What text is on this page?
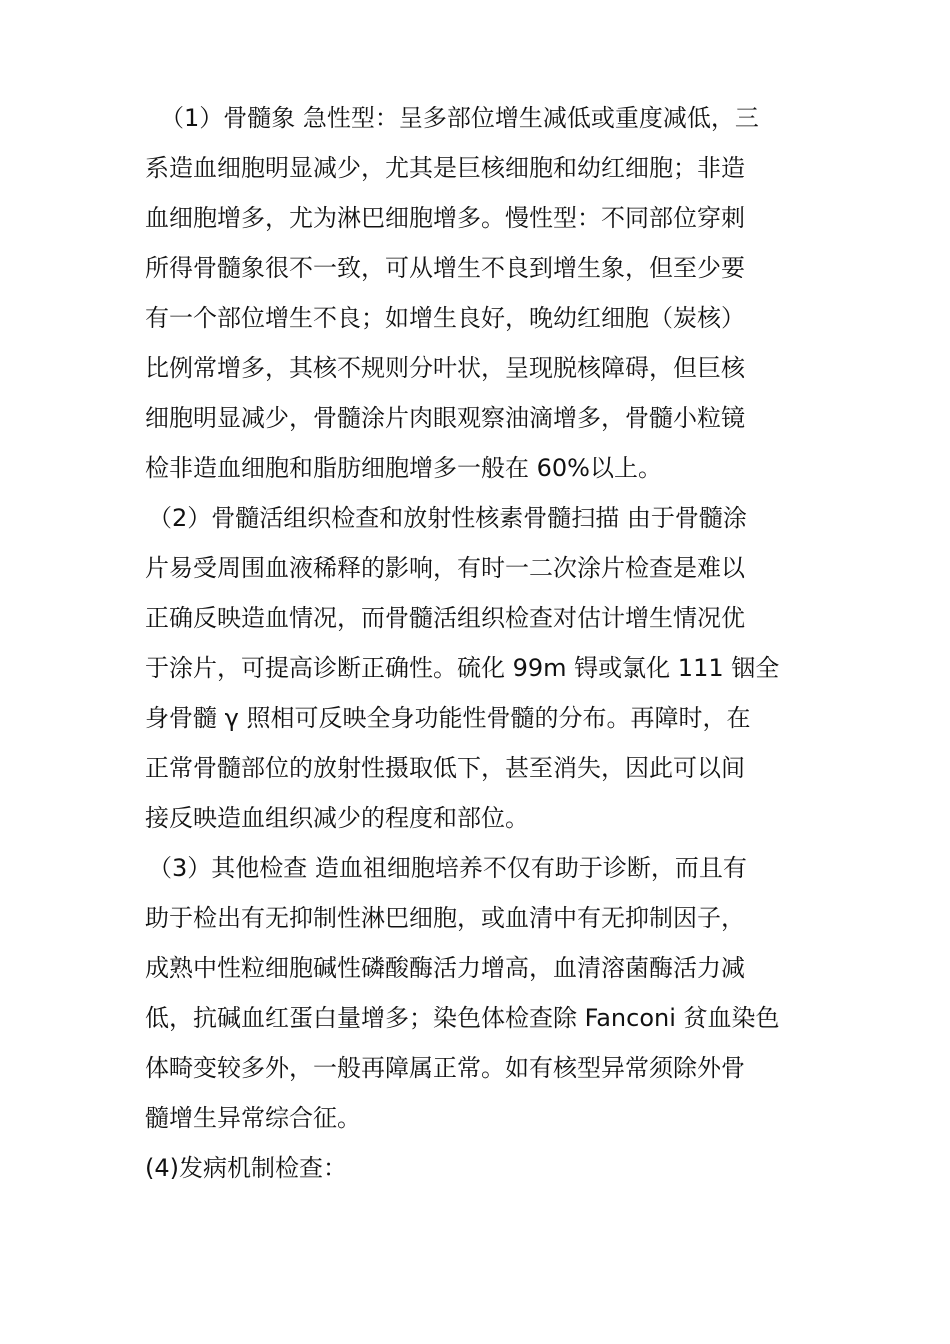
（1）骨髓象 急性型：呈多部位增生减低或重度减低，三
系造血细胞明显减少，尤其是巨核细胞和幼红细胞；非造
血细胞增多，尤为淋巴细胞增多。慢性型：不同部位穿刺
所得骨髓象很不一致，可从增生不良到增生象，但至少要
有一个部位增生不良；如增生良好，晚幼红细胞（炭核）
比例常增多，其核不规则分叶状，呈现脱核障碍，但巨核
细胞明显减少，骨髓涂片肉眼观察油滴增多，骨髓小粒镜
检非造血细胞和脂肪细胞增多一般在 60%以上。
（2）骨髓活组织检查和放射性核素骨髓扫描 由于骨髓涂
片易受周围血液稀释的影响，有时一二次涂片检查是难以
正确反映造血情况，而骨髓活组织检查对估计增生情况优
于涂片，可提高诊断正确性。硫化 99m 锝或氯化 111 铟全
身骨髓 γ 照相可反映全身功能性骨髓的分布。再障时，在
正常骨髓部位的放射性摄取低下，甚至消失，因此可以间
接反映造血组织减少的程度和部位。
（3）其他检查 造血祖细胞培养不仅有助于诊断，而且有
助于检出有无抑制性淋巴细胞，或血清中有无抑制因子，
成熟中性粒细胞碱性磷酸酶活力增高，血清溶菌酶活力减
低，抗碱血红蛋白量增多；染色体检查除 Fanconi 贫血染色
体畸变较多外，一般再障属正常。如有核型异常须除外骨
髓增生异常综合征。
(4)发病机制检查：
